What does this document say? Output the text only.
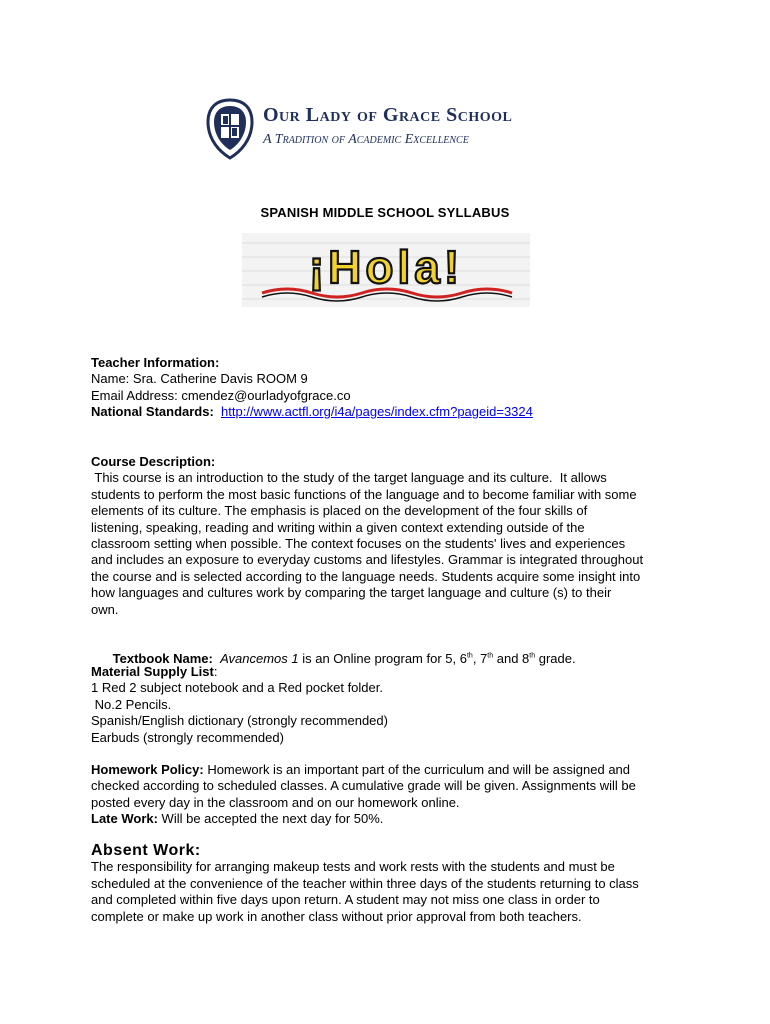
Our Lady of Grace School
A Tradition of Academic Excellence
SPANISH MIDDLE SCHOOL SYLLABUS
¡Hola!
Teacher Information:
Name: Sra. Catherine Davis ROOM 9
Email Address: cmendez@ourladyofgrace.co
National Standards: http://www.actfl.org/i4a/pages/index.cfm?pageid=3324
Course Description:
This course is an introduction to the study of the target language and its culture.  It allows
students to perform the most basic functions of the language and to become familiar with some
elements of its culture. The emphasis is placed on the development of the four skills of
listening, speaking, reading and writing within a given context extending outside of the
classroom setting when possible. The context focuses on the students' lives and experiences
and includes an exposure to everyday customs and lifestyles. Grammar is integrated throughout
the course and is selected according to the language needs. Students acquire some insight into
how languages and cultures work by comparing the target language and culture (s) to their
own.

Textbook Name: Avancemos 1 is an Online program for 5, 6th, 7th and 8th grade.

Material Supply List:
1 Red 2 subject notebook and a Red pocket folder.
No.2 Pencils.
Spanish/English dictionary (strongly recommended)
Earbuds (strongly recommended)
Homework Policy: Homework is an important part of the curriculum and will be assigned and
checked according to scheduled classes. A cumulative grade will be given. Assignments will be
posted every day in the classroom and on our homework online.
Late Work: Will be accepted the next day for 50%.
Absent Work:
The responsibility for arranging makeup tests and work rests with the students and must be
scheduled at the convenience of the teacher within three days of the students returning to class
and completed within five days upon return. A student may not miss one class in order to
complete or make up work in another class without prior approval from both teachers.
